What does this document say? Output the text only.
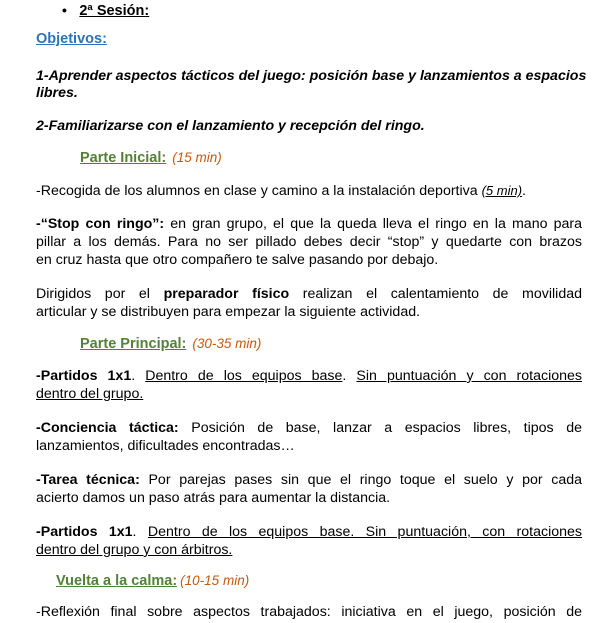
• 2ª Sesión:
Objetivos:
1-Aprender aspectos tácticos del juego: posición base y lanzamientos a espacios
libres.
2-Familiarizarse con el lanzamiento y recepción del ringo.
Parte Inicial: (15 min)
-Recogida de los alumnos en clase y camino a la instalación deportiva (5 min).
-“Stop con ringo”: en gran grupo, el que la queda lleva el ringo en la mano para
pillar a los demás. Para no ser pillado debes decir “stop” y quedarte con brazos
en cruz hasta que otro compañero te salve pasando por debajo.
Dirigidos por el preparador físico realizan el calentamiento de movilidad
articular y se distribuyen para empezar la siguiente actividad.
Parte Principal: (30-35 min)
-Partidos 1x1. Dentro de los equipos base. Sin puntuación y con rotaciones
dentro del grupo.
-Conciencia táctica: Posición de base, lanzar a espacios libres, tipos de
lanzamientos, dificultades encontradas…
-Tarea técnica: Por parejas pases sin que el ringo toque el suelo y por cada
acierto damos un paso atrás para aumentar la distancia.
-Partidos 1x1. Dentro de los equipos base. Sin puntuación, con rotaciones
dentro del grupo y con árbitros.
Vuelta a la calma: (10-15 min)
-Reflexión final sobre aspectos trabajados: iniciativa en el juego, posición de
